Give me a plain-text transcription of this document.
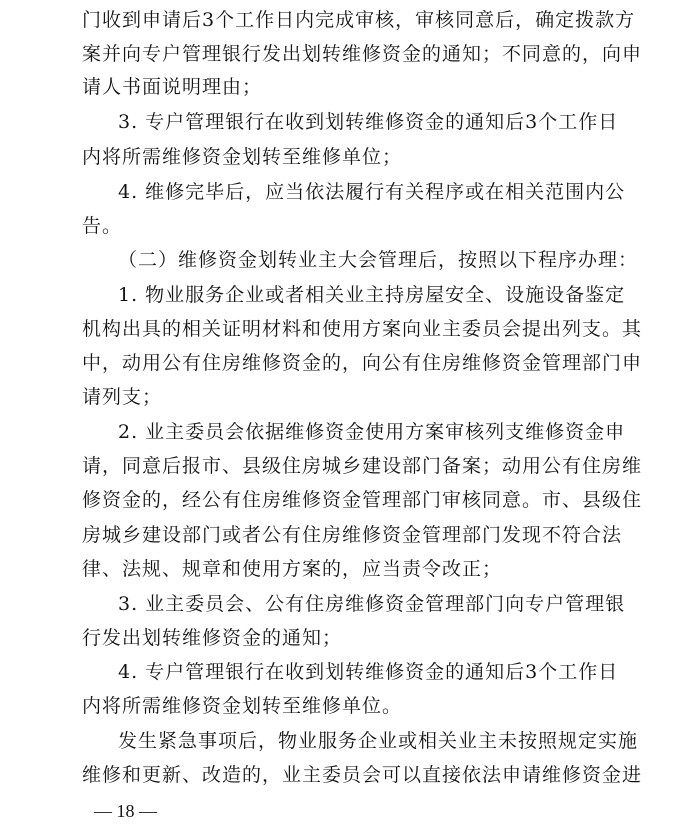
门收到申请后3个工作日内完成审核，审核同意后，确定拨款方
案并向专户管理银行发出划转维修资金的通知；不同意的，向申
请人书面说明理由；
3. 专户管理银行在收到划转维修资金的通知后3个工作日
内将所需维修资金划转至维修单位；
4. 维修完毕后，应当依法履行有关程序或在相关范围内公
告。
（二）维修资金划转业主大会管理后，按照以下程序办理：
1. 物业服务企业或者相关业主持房屋安全、设施设备鉴定
机构出具的相关证明材料和使用方案向业主委员会提出列支。其
中，动用公有住房维修资金的，向公有住房维修资金管理部门申
请列支；
2. 业主委员会依据维修资金使用方案审核列支维修资金申
请，同意后报市、县级住房城乡建设部门备案；动用公有住房维
修资金的，经公有住房维修资金管理部门审核同意。市、县级住
房城乡建设部门或者公有住房维修资金管理部门发现不符合法
律、法规、规章和使用方案的，应当责令改正；
3. 业主委员会、公有住房维修资金管理部门向专户管理银
行发出划转维修资金的通知；
4. 专户管理银行在收到划转维修资金的通知后3个工作日
内将所需维修资金划转至维修单位。
发生紧急事项后，物业服务企业或相关业主未按照规定实施
维修和更新、改造的，业主委员会可以直接依法申请维修资金进
— 18 —
